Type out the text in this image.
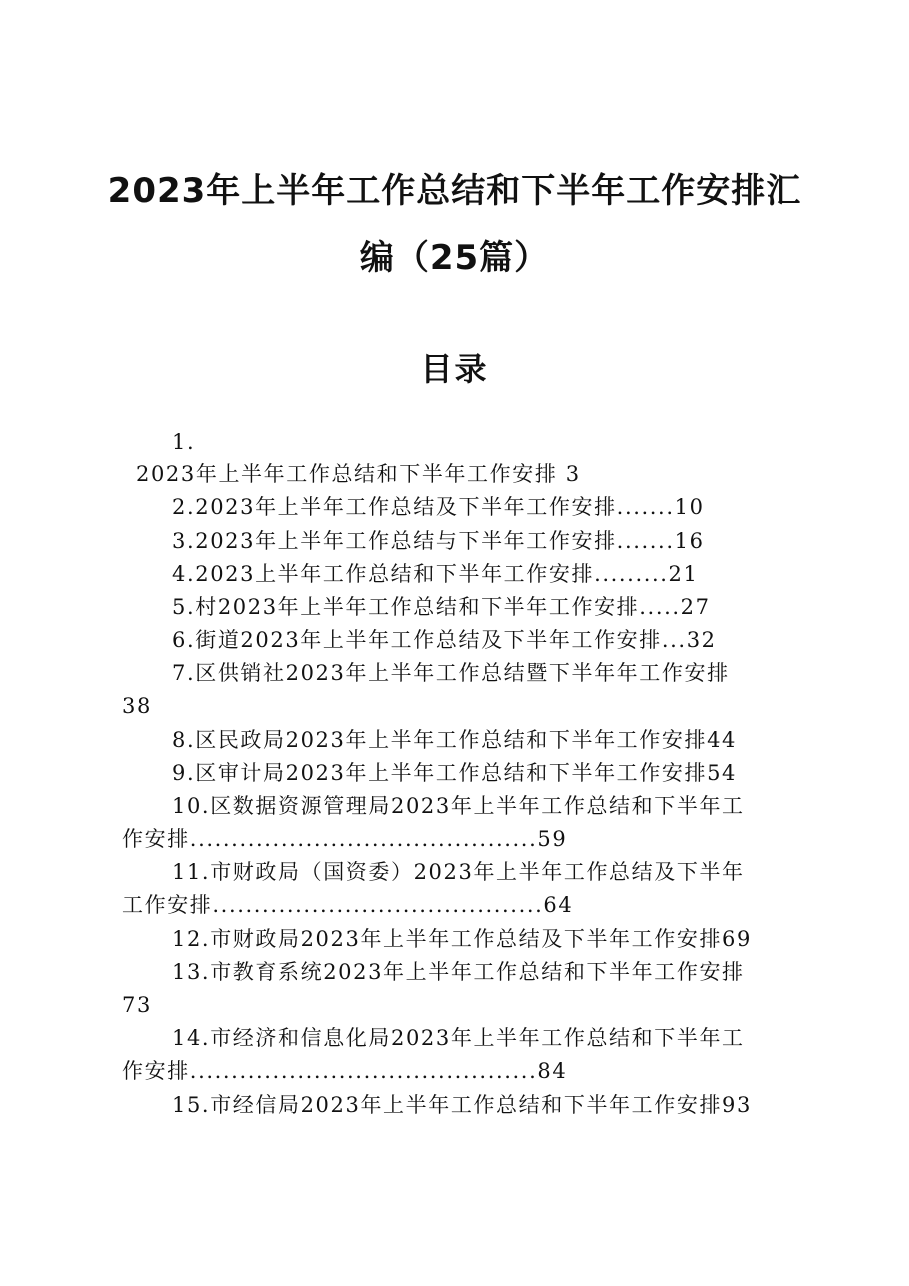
2023年上半年工作总结和下半年工作安排汇
编（25篇）
目录
1.
2023年上半年工作总结和下半年工作安排 3
2.2023年上半年工作总结及下半年工作安排.......10
3.2023年上半年工作总结与下半年工作安排.......16
4.2023上半年工作总结和下半年工作安排.........21
5.村2023年上半年工作总结和下半年工作安排.....27
6.街道2023年上半年工作总结及下半年工作安排...32
7.区供销社2023年上半年工作总结暨下半年年工作安排
38
8.区民政局2023年上半年工作总结和下半年工作安排44
9.区审计局2023年上半年工作总结和下半年工作安排54
10.区数据资源管理局2023年上半年工作总结和下半年工
作安排..........................................59
11.市财政局（国资委）2023年上半年工作总结及下半年
工作安排........................................64
12.市财政局2023年上半年工作总结及下半年工作安排69
13.市教育系统2023年上半年工作总结和下半年工作安排
73
14.市经济和信息化局2023年上半年工作总结和下半年工
作安排..........................................84
15.市经信局2023年上半年工作总结和下半年工作安排93
